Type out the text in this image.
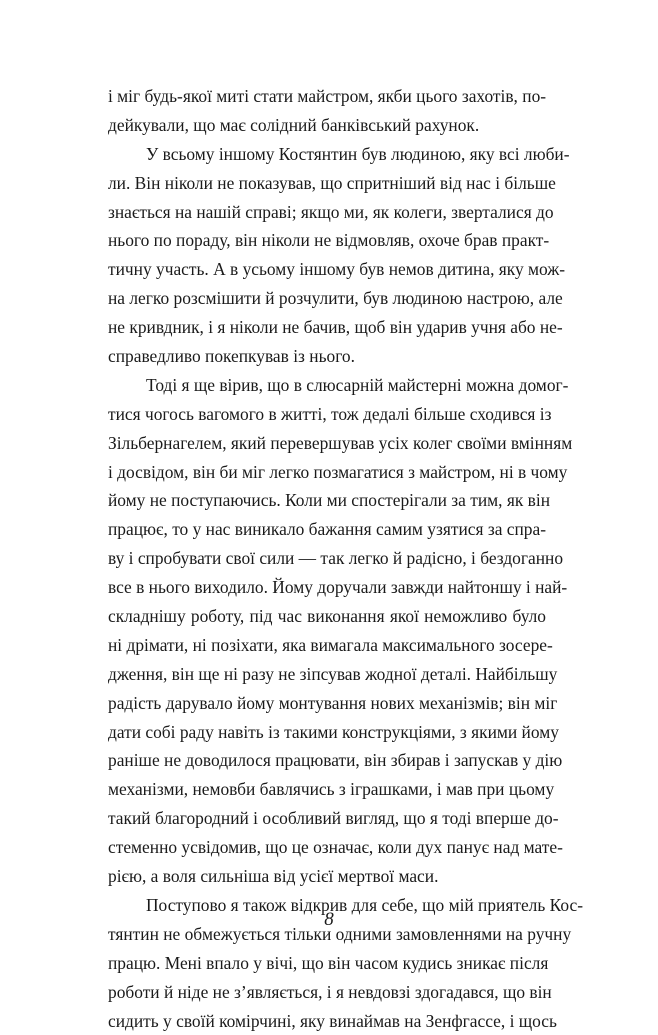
і міг будь-якої миті стати майстром, якби цього захотів, по-
дейкували, що має солідний банківський рахунок.
У всьому іншому Костянтин був людиною, яку всі люби-
ли. Він ніколи не показував, що спритніший від нас і більше
знається на нашій справі; якщо ми, як колеги, зверталися до
нього по пораду, він ніколи не відмовляв, охоче брав практ-
тичну участь. А в усьому іншому був немов дитина, яку мож-
на легко розсмішити й розчулити, був людиною настрою, але
не кривдник, і я ніколи не бачив, щоб він ударив учня або не-
справедливо покепкував із нього.
Тоді я ще вірив, що в слюсарній майстерні можна домог-
тися чогось вагомого в житті, тож дедалі більше сходився із
Зільбернагелем, який перевершував усіх колег своїми вмінням
і досвідом, він би міг легко позмагатися з майстром, ні в чому
йому не поступаючись. Коли ми спостерігали за тим, як він
працює, то у нас виникало бажання самим узятися за спра-
ву і спробувати свої сили — так легко й радісно, і бездоганно
все в нього виходило. Йому доручали завжди найтоншу і най-
складнішу роботу, під час виконання якої неможливо було
ні дрімати, ні позіхати, яка вимагала максимального зосере-
дження, він ще ні разу не зіпсував жодної деталі. Найбільшу
радість дарувало йому монтування нових механізмів; він міг
дати собі раду навіть із такими конструкціями, з якими йому
раніше не доводилося працювати, він збирав і запускав у дію
механізми, немовби бавлячись з іграшками, і мав при цьому
такий благородний і особливий вигляд, що я тоді вперше до-
стеменно усвідомив, що це означає, коли дух панує над мате-
рією, а воля сильніша від усієї мертвої маси.
Поступово я також відкрив для себе, що мій приятель Кос-
тянтин не обмежується тільки одними замовленнями на ручну
працю. Мені впало у вічі, що він часом кудись зникає після
роботи й ніде не з’являється, і я невдовзі здогадався, що він
сидить у своїй комірчині, яку винаймав на Зенфгассе, і щось
8
